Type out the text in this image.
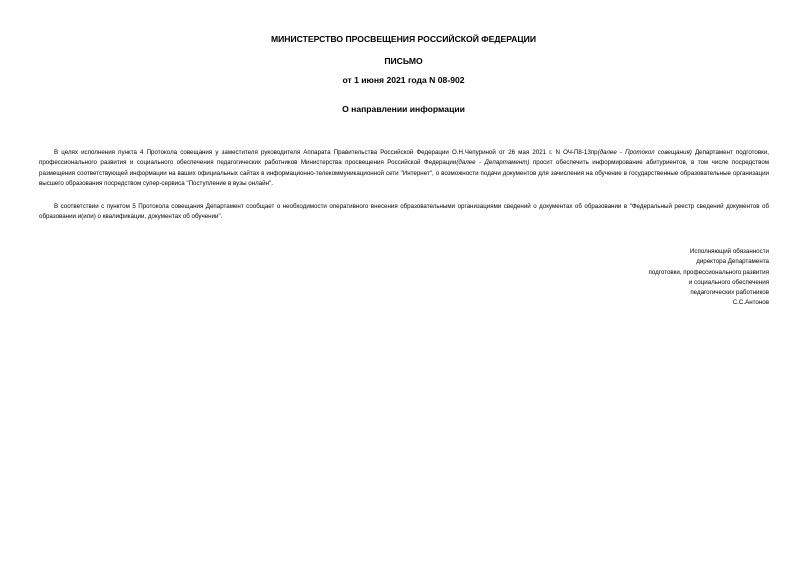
МИНИСТЕРСТВО ПРОСВЕЩЕНИЯ РОССИЙСКОЙ ФЕДЕРАЦИИ
ПИСЬМО
от 1 июня 2021 года N 08-902
О направлении информации

В целях исполнения пункта 4 Протокола совещания у заместителя руководителя Аппарата Правительства Российской Федерации О.Н.Чепуриной от 26 мая 2021 г. N ОЧ-П8-13пр(далее - Протокол совещания) Департамент подготовки, профессионального развития и социального обеспечения педагогических работников Министерства просвещения Российской Федерации(далее - Департамент) просит обеспечить информирование абитуриентов, в том числе посредством размещения соответствующей информации на ваших официальных сайтах в информационно-телекоммуникационной сети "Интернет", о возможности подачи документов для зачисления на обучение в государственные образовательные организации высшего образования посредством супер-сервиса "Поступление в вузы онлайн".

В соответствии с пунктом 5 Протокола совещания Департамент сообщает о необходимости оперативного внесения образовательными организациями сведений о документах об образовании в "Федеральный реестр сведений документов об образовании и(или) о квалификации, документах об обучении".

Исполняющий обязанности
директора Департамента
подготовки, профессионального развития
и социального обеспечения
педагогических работников
С.С.Антонов
